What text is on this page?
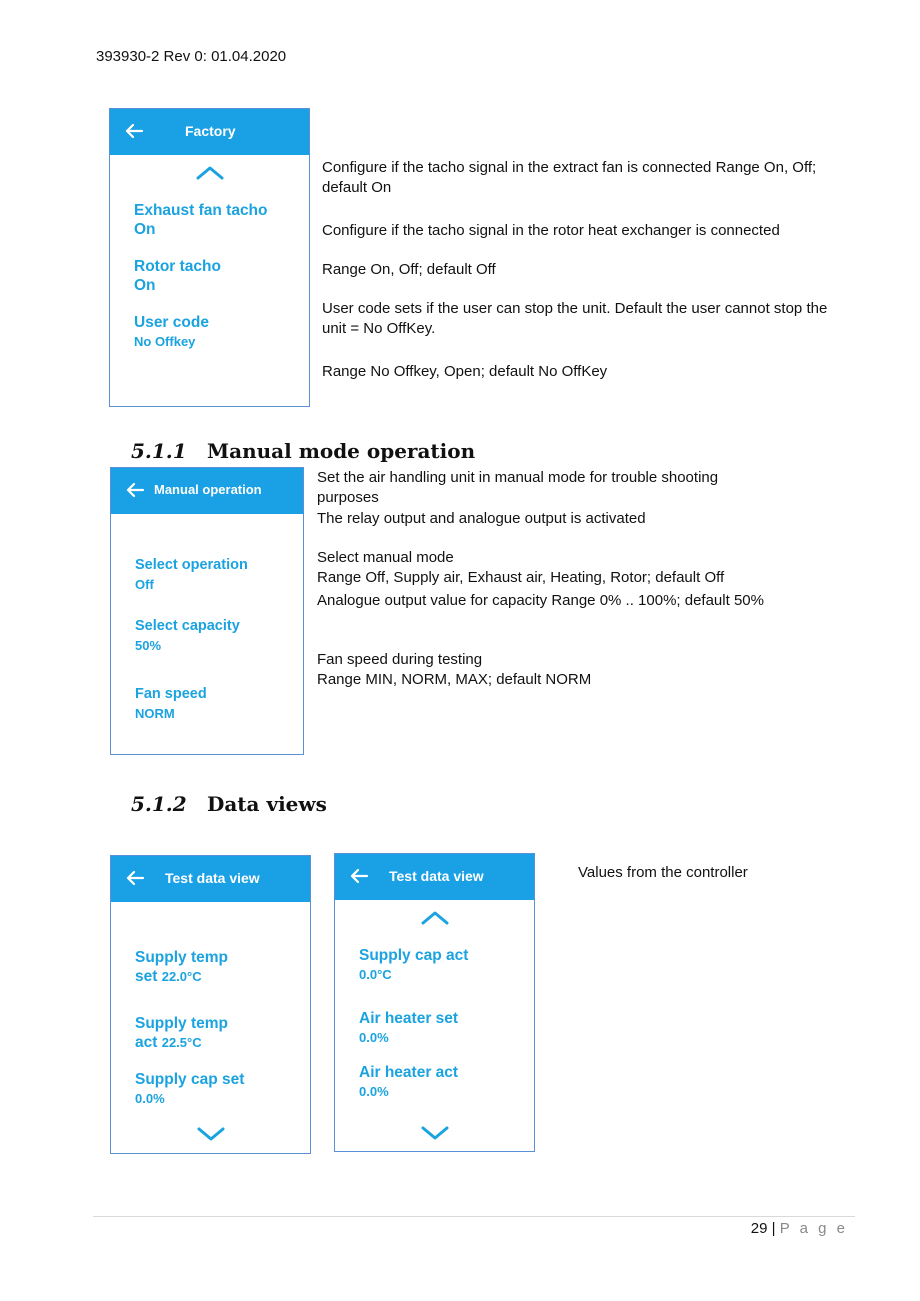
393930-2 Rev 0: 01.04.2020
Factory
Exhaust fan tacho
On
Rotor tacho
On
User code
No Offkey
Configure if the tacho signal in the extract fan is connected Range On, Off; default On
Configure if the tacho signal in the rotor heat exchanger is connected
Range On, Off; default Off
User code sets if the user can stop the unit. Default the user cannot stop the unit = No OffKey.
Range No Offkey, Open; default No OffKey
5.1.1 Manual mode operation
Manual operation
Select operation
Off
Select capacity
50%
Fan speed
NORM
Set the air handling unit in manual mode for trouble shooting purposes
The relay output and analogue output is activated
Select manual mode
Range Off, Supply air, Exhaust air, Heating, Rotor; default Off
Analogue output value for capacity Range 0% .. 100%; default 50%
Fan speed during testing
Range MIN, NORM, MAX; default NORM
5.1.2 Data views
Test data view
Supply temp
set 22.0°C
Supply temp
act 22.5°C
Supply cap set
0.0%
Test data view
Supply cap act
0.0°C
Air heater set
0.0%
Air heater act
0.0%
Values from the controller
29 | P a g e
